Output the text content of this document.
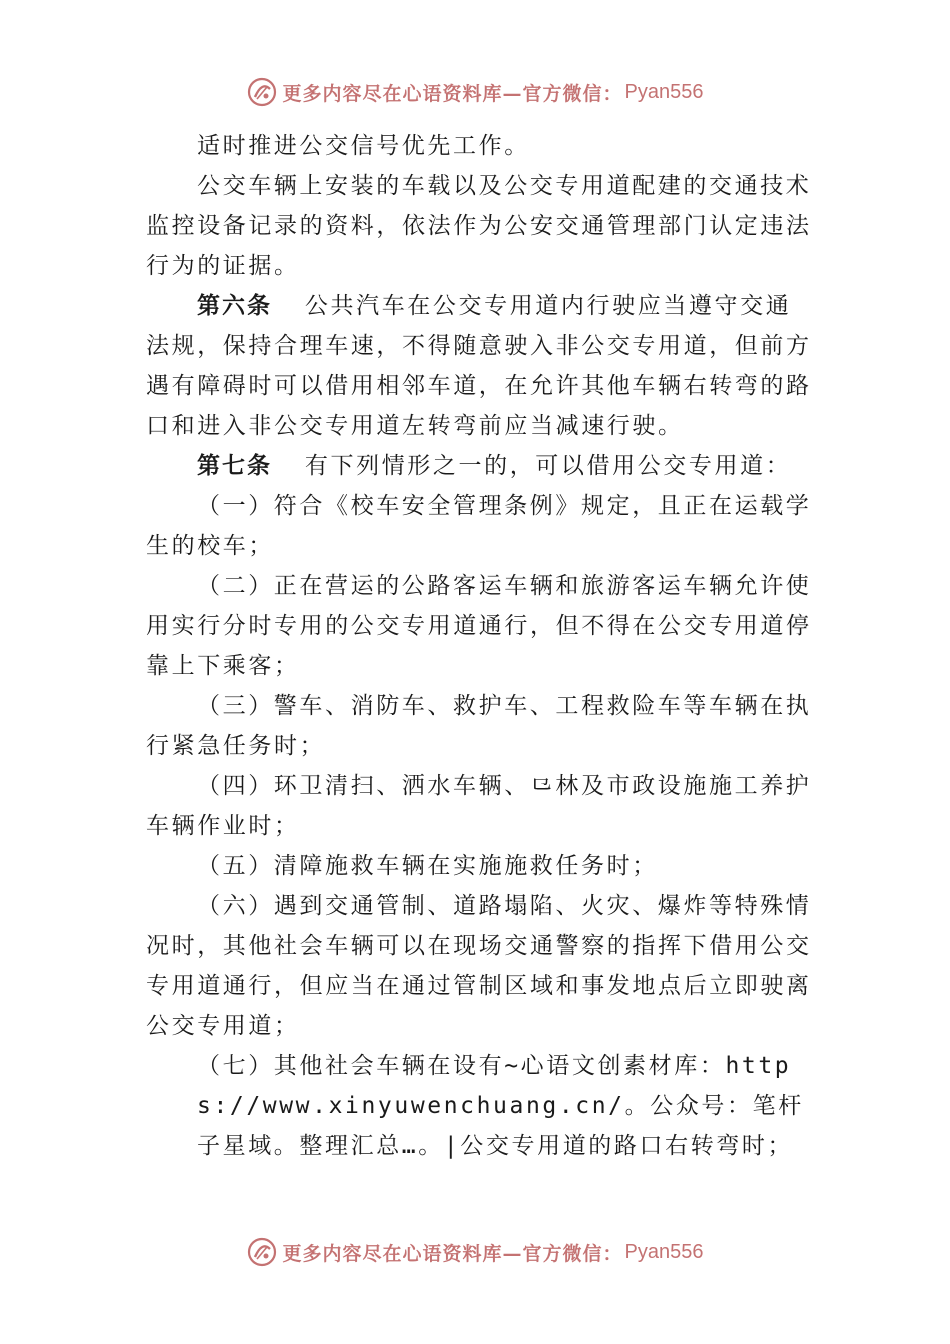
更多内容尽在心语资料库—官方微信： Pyan556

适时推进公交信号优先工作。

公交车辆上安装的车载以及公交专用道配建的交通技术监控设备记录的资料，依法作为公安交通管理部门认定违法行为的证据。

第六条 公共汽车在公交专用道内行驶应当遵守交通法规，保持合理车速，不得随意驶入非公交专用道，但前方遇有障碍时可以借用相邻车道，在允许其他车辆右转弯的路口和进入非公交专用道左转弯前应当减速行驶。

第七条 有下列情形之一的，可以借用公交专用道：

（一）符合《校车安全管理条例》规定，且正在运载学生的校车；

（二）正在营运的公路客运车辆和旅游客运车辆允许使用实行分时专用的公交专用道通行，但不得在公交专用道停靠上下乘客；

（三）警车、消防车、救护车、工程救险车等车辆在执行紧急任务时；

（四）环卫清扫、洒水车辆、​⺋林及市政设施施工养护车辆作业时；

（五）清障施救车辆在实施施救任务时；

（六）遇到交通管制、道路塌陷、火灾、爆炸等特殊情况时，其他社会车辆可以在现场交通警察的指挥下借用公交专用道通行，但应当在通过管制区域和事发地点后立即驶离公交专用道；

（七）其他社会车辆在设有~心语文创素材库：https://www.xinyuwenchuang.cn/。公众号：笔杆子星域。整理汇总…。|公交专用道的路口右转弯时；

更多内容尽在心语资料库—官方微信： Pyan556
